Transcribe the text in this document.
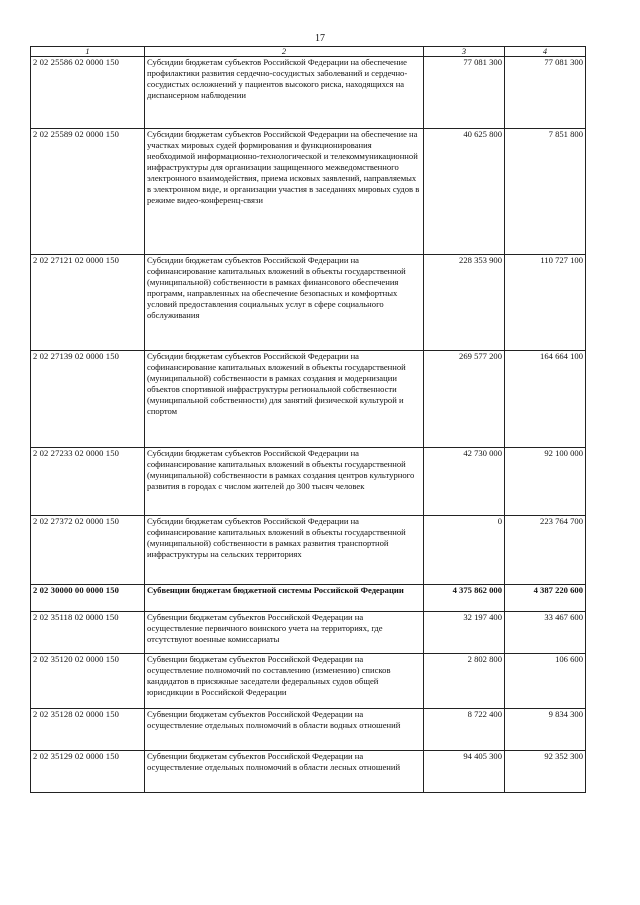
17
1	2	3	4
2 02 25586 02 0000 150	Субсидии бюджетам субъектов Российской Федерации на обеспечение профилактики развития сердечно-сосудистых заболеваний и сердечно-сосудистых осложнений у пациентов высокого риска, находящихся на диспансерном наблюдении	77 081 300	77 081 300
2 02 25589 02 0000 150	Субсидии бюджетам субъектов Российской Федерации на обеспечение на участках мировых судей формирования и функционирования необходимой информационно-технологической и телекоммуникационной инфраструктуры для организации защищенного межведомственного электронного взаимодействия, приема исковых заявлений, направляемых в электронном виде, и организации участия в заседаниях мировых судов в режиме видео-конференц-связи	40 625 800	7 851 800
2 02 27121 02 0000 150	Субсидии бюджетам субъектов Российской Федерации на софинансирование капитальных вложений в объекты государственной (муниципальной) собственности в рамках финансового обеспечения программ, направленных на обеспечение безопасных и комфортных условий предоставления социальных услуг в сфере социального обслуживания	228 353 900	110 727 100
2 02 27139 02 0000 150	Субсидии бюджетам субъектов Российской Федерации на софинансирование капитальных вложений в объекты государственной (муниципальной) собственности в рамках создания и модернизации объектов спортивной инфраструктуры региональной собственности (муниципальной собственности) для занятий физической культурой и спортом	269 577 200	164 664 100
2 02 27233 02 0000 150	Субсидии бюджетам субъектов Российской Федерации на софинансирование капитальных вложений в объекты государственной (муниципальной) собственности в рамках создания центров культурного развития в городах с числом жителей до 300 тысяч человек	42 730 000	92 100 000
2 02 27372 02 0000 150	Субсидии бюджетам субъектов Российской Федерации на софинансирование капитальных вложений в объекты государственной (муниципальной) собственности в рамках развития транспортной инфраструктуры на сельских территориях	0	223 764 700
2 02 30000 00 0000 150	Субвенции бюджетам бюджетной системы Российской Федерации	4 375 862 000	4 387 220 600
2 02 35118 02 0000 150	Субвенции бюджетам субъектов Российской Федерации на осуществление первичного воинского учета на территориях, где отсутствуют военные комиссариаты	32 197 400	33 467 600
2 02 35120 02 0000 150	Субвенции бюджетам субъектов Российской Федерации на осуществление полномочий по составлению (изменению) списков кандидатов в присяжные заседатели федеральных судов общей юрисдикции в Российской Федерации	2 802 800	106 600
2 02 35128 02 0000 150	Субвенции бюджетам субъектов Российской Федерации на осуществление отдельных полномочий в области водных отношений	8 722 400	9 834 300
2 02 35129 02 0000 150	Субвенции бюджетам субъектов Российской Федерации на осуществление отдельных полномочий в области лесных отношений	94 405 300	92 352 300
